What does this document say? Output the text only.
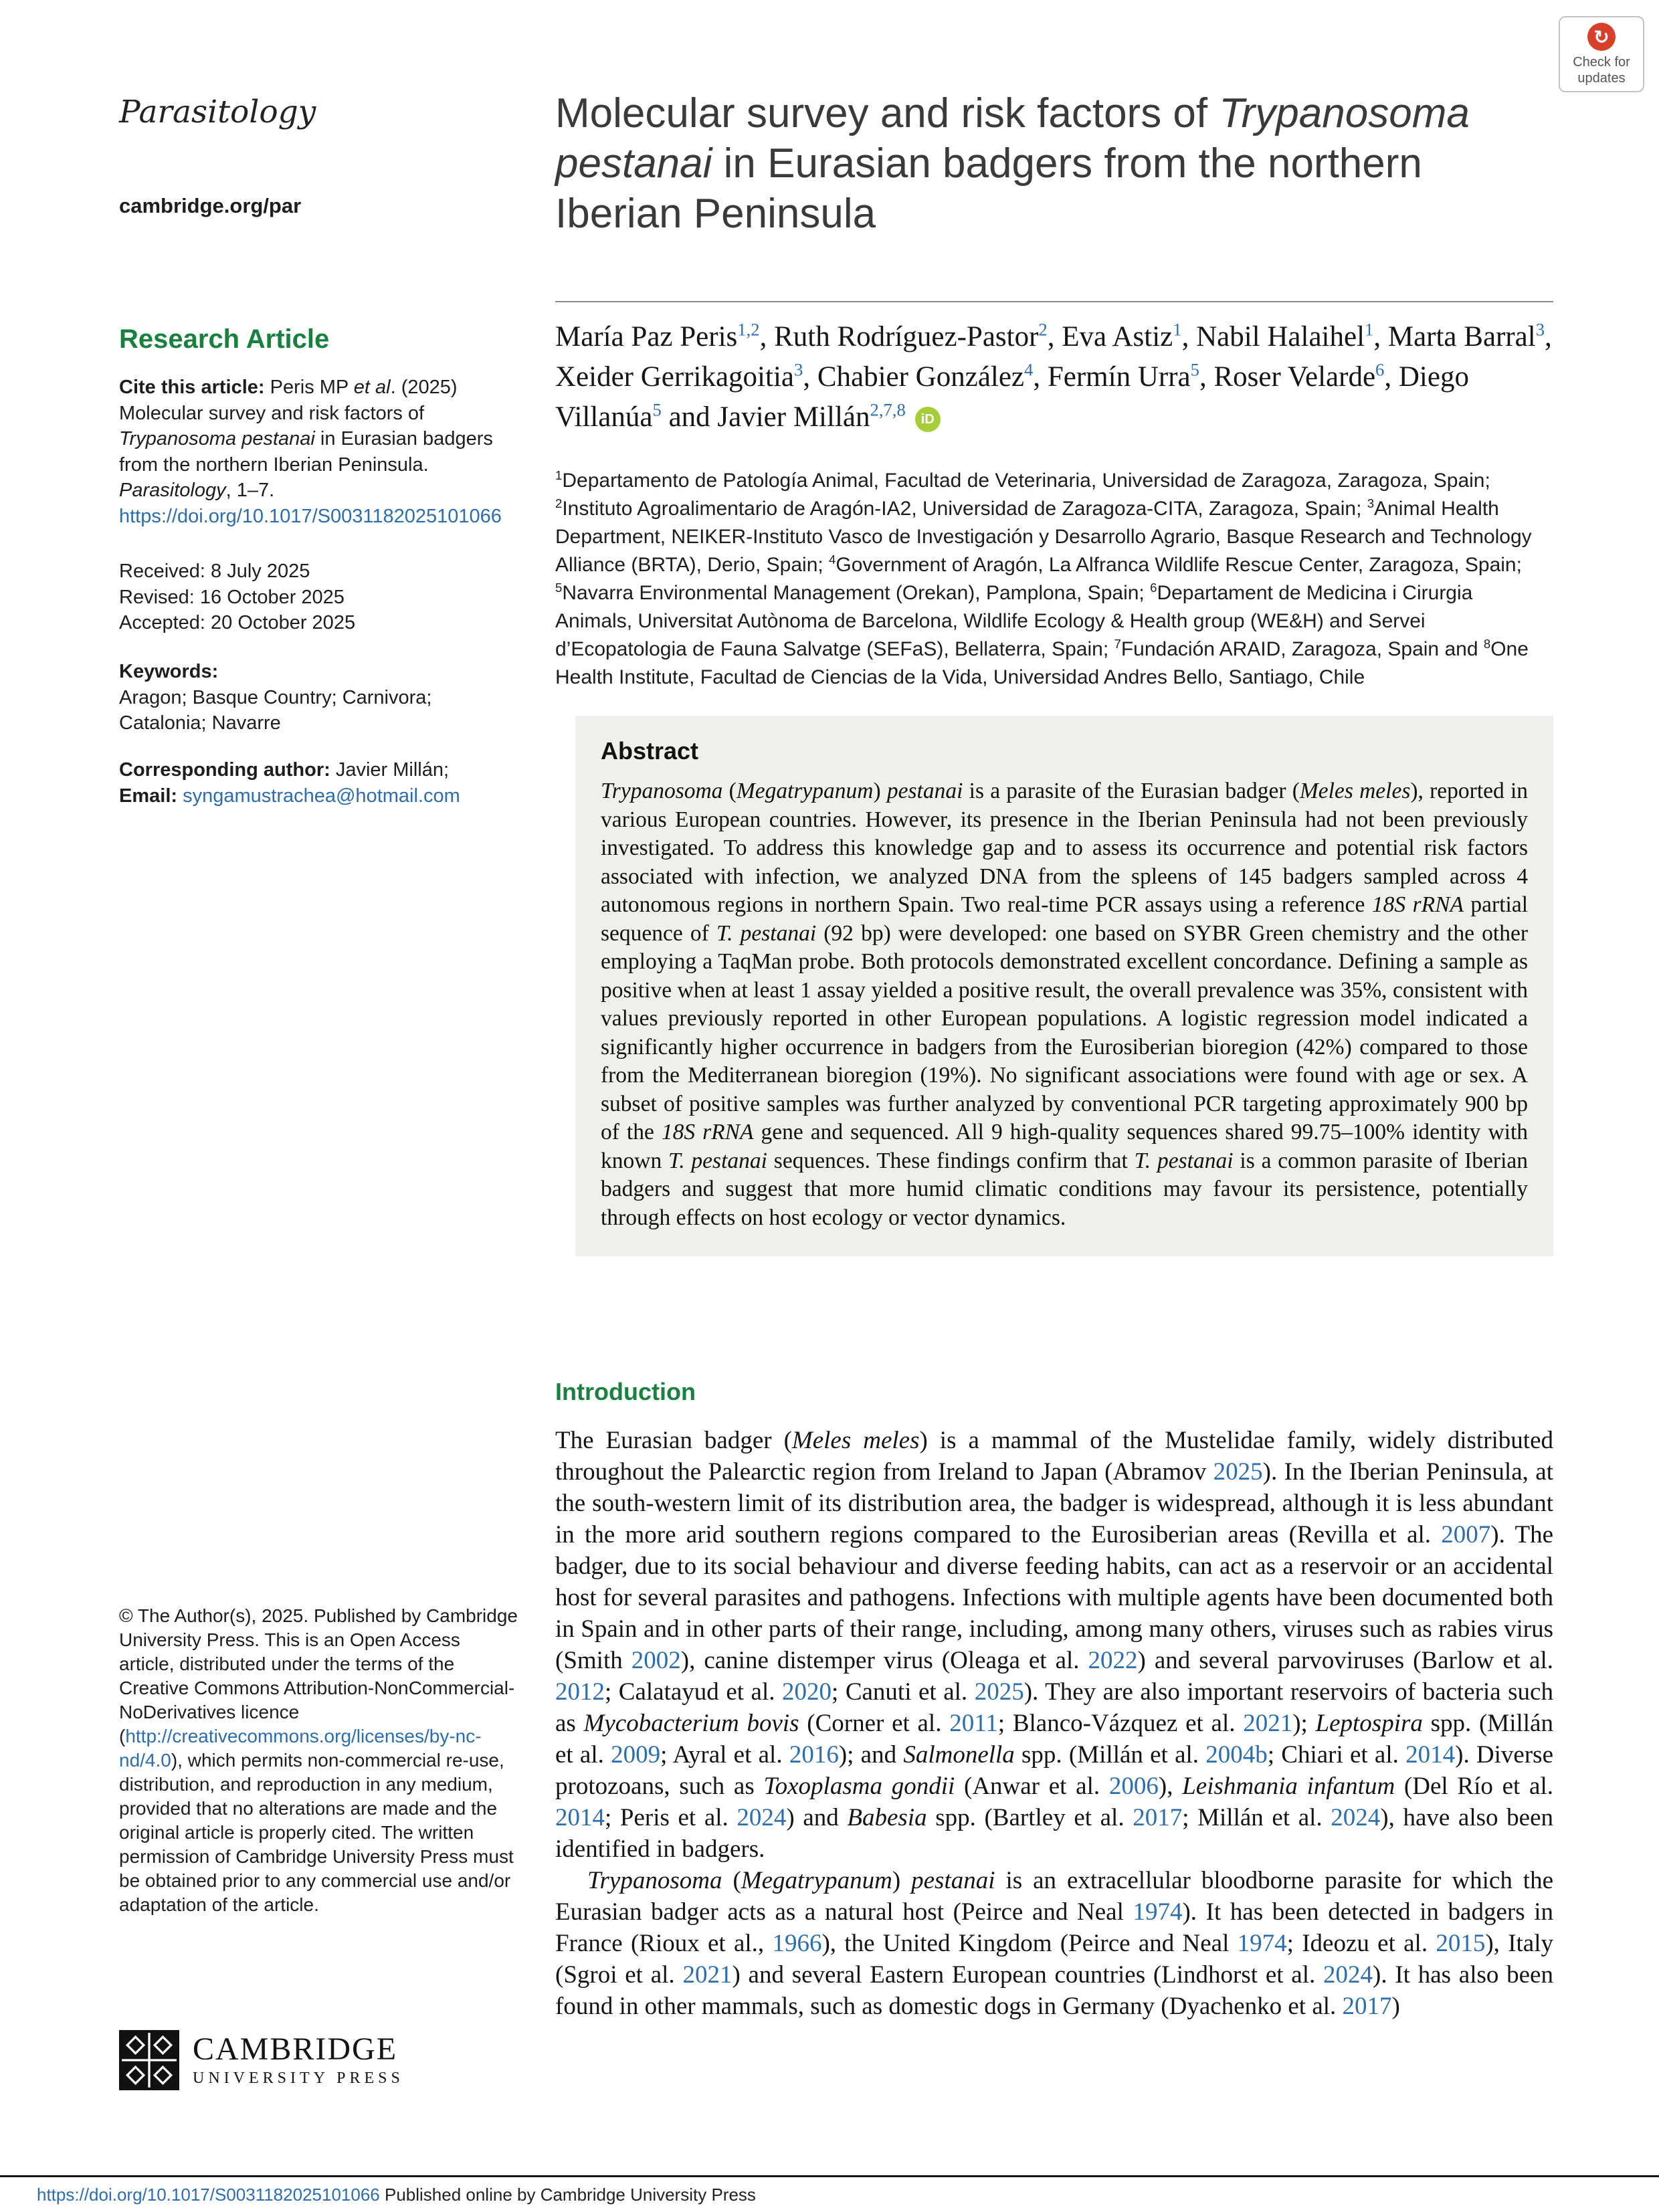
↻
Check for updates
Parasitology
cambridge.org/par
Research Article

Cite this article: Peris MP et al. (2025) Molecular survey and risk factors of Trypanosoma pestanai in Eurasian badgers from the northern Iberian Peninsula. Parasitology, 1–7. https://doi.org/10.1017/S0031182025101066

Received: 8 July 2025
Revised: 16 October 2025
Accepted: 20 October 2025
Keywords:
Aragon; Basque Country; Carnivora; Catalonia; Navarre

Corresponding author: Javier Millán;
Email: syngamustrachea@hotmail.com

© The Author(s), 2025. Published by Cambridge University Press. This is an Open Access article, distributed under the terms of the Creative Commons Attribution-NonCommercial-NoDerivatives licence (http://creativecommons.org/licenses/by-nc-nd/4.0), which permits non-commercial re-use, distribution, and reproduction in any medium, provided that no alterations are made and the original article is properly cited. The written permission of Cambridge University Press must be obtained prior to any commercial use and/or adaptation of the article.

CAMBRIDGE
UNIVERSITY PRESS
Molecular survey and risk factors of Trypanosoma pestanai in Eurasian badgers from the northern Iberian Peninsula
María Paz Peris$^{1,2}$, Ruth Rodríguez-Pastor$^2$, Eva Astiz$^1$, Nabil Halaihel$^1$, Marta Barral$^3$, Xeider Gerrikagoitia$^3$, Chabier González$^4$, Fermín Urra$^5$, Roser Velarde$^6$, Diego Villanúa$^5$ and Javier Millán$^{2,7,8}$ iD

$^1$Departamento de Patología Animal, Facultad de Veterinaria, Universidad de Zaragoza, Zaragoza, Spain; $^2$Instituto Agroalimentario de Aragón-IA2, Universidad de Zaragoza-CITA, Zaragoza, Spain; $^3$Animal Health Department, NEIKER-Instituto Vasco de Investigación y Desarrollo Agrario, Basque Research and Technology Alliance (BRTA), Derio, Spain; $^4$Government of Aragón, La Alfranca Wildlife Rescue Center, Zaragoza, Spain; $^5$Navarra Environmental Management (Orekan), Pamplona, Spain; $^6$Departament de Medicina i Cirurgia Animals, Universitat Autònoma de Barcelona, Wildlife Ecology & Health group (WE&H) and Servei d’Ecopatologia de Fauna Salvatge (SEFaS), Bellaterra, Spain; $^7$Fundación ARAID, Zaragoza, Spain and $^8$One Health Institute, Facultad de Ciencias de la Vida, Universidad Andres Bello, Santiago, Chile

Abstract

Trypanosoma (Megatrypanum) pestanai is a parasite of the Eurasian badger (Meles meles), reported in various European countries. However, its presence in the Iberian Peninsula had not been previously investigated. To address this knowledge gap and to assess its occurrence and potential risk factors associated with infection, we analyzed DNA from the spleens of 145 badgers sampled across 4 autonomous regions in northern Spain. Two real-time PCR assays using a reference 18S rRNA partial sequence of T. pestanai (92 bp) were developed: one based on SYBR Green chemistry and the other employing a TaqMan probe. Both protocols demonstrated excellent concordance. Defining a sample as positive when at least 1 assay yielded a positive result, the overall prevalence was 35%, consistent with values previously reported in other European populations. A logistic regression model indicated a significantly higher occurrence in badgers from the Eurosiberian bioregion (42%) compared to those from the Mediterranean bioregion (19%). No significant associations were found with age or sex. A subset of positive samples was further analyzed by conventional PCR targeting approximately 900 bp of the 18S rRNA gene and sequenced. All 9 high-quality sequences shared 99.75–100% identity with known T. pestanai sequences. These findings confirm that T. pestanai is a common parasite of Iberian badgers and suggest that more humid climatic conditions may favour its persistence, potentially through effects on host ecology or vector dynamics.

Introduction

The Eurasian badger (Meles meles) is a mammal of the Mustelidae family, widely distributed throughout the Palearctic region from Ireland to Japan (Abramov 2025). In the Iberian Peninsula, at the south-western limit of its distribution area, the badger is widespread, although it is less abundant in the more arid southern regions compared to the Eurosiberian areas (Revilla et al. 2007). The badger, due to its social behaviour and diverse feeding habits, can act as a reservoir or an accidental host for several parasites and pathogens. Infections with multiple agents have been documented both in Spain and in other parts of their range, including, among many others, viruses such as rabies virus (Smith 2002), canine distemper virus (Oleaga et al. 2022) and several parvoviruses (Barlow et al. 2012; Calatayud et al. 2020; Canuti et al. 2025). They are also important reservoirs of bacteria such as Mycobacterium bovis (Corner et al. 2011; Blanco-Vázquez et al. 2021); Leptospira spp. (Millán et al. 2009; Ayral et al. 2016); and Salmonella spp. (Millán et al. 2004b; Chiari et al. 2014). Diverse protozoans, such as Toxoplasma gondii (Anwar et al. 2006), Leishmania infantum (Del Río et al. 2014; Peris et al. 2024) and Babesia spp. (Bartley et al. 2017; Millán et al. 2024), have also been identified in badgers.

Trypanosoma (Megatrypanum) pestanai is an extracellular bloodborne parasite for which the Eurasian badger acts as a natural host (Peirce and Neal 1974). It has been detected in badgers in France (Rioux et al., 1966), the United Kingdom (Peirce and Neal 1974; Ideozu et al. 2015), Italy (Sgroi et al. 2021) and several Eastern European countries (Lindhorst et al. 2024). It has also been found in other mammals, such as domestic dogs in Germany (Dyachenko et al. 2017)

https://doi.org/10.1017/S0031182025101066 Published online by Cambridge University Press
